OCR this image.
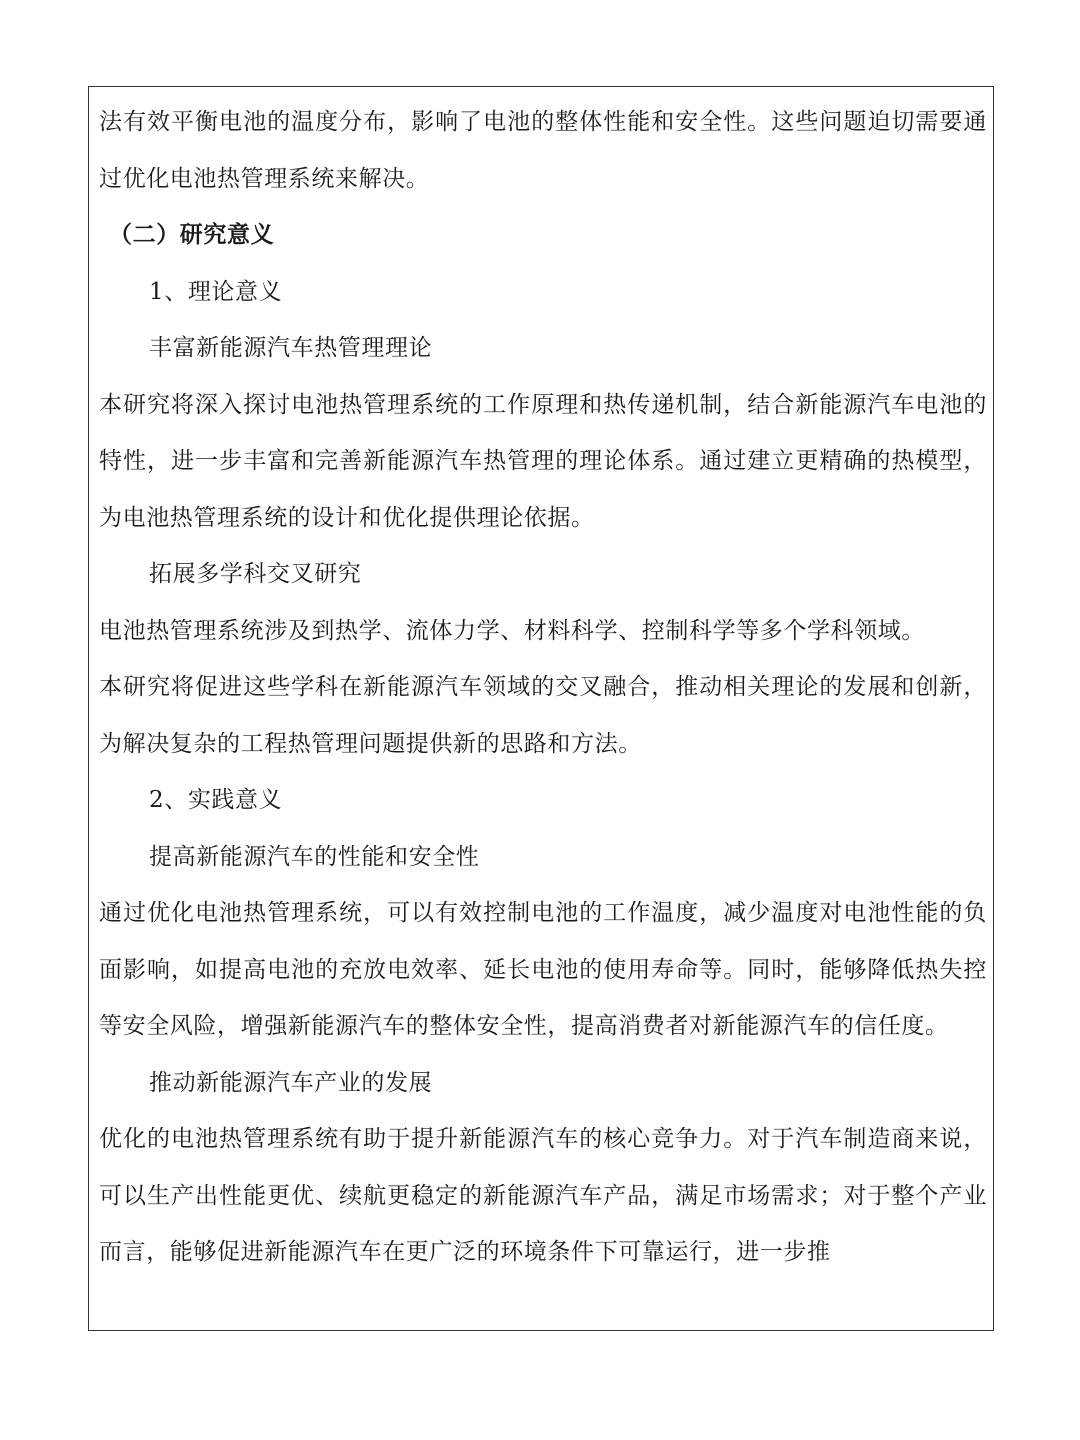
法有效平衡电池的温度分布，影响了电池的整体性能和安全性。这些问题迫切需要通过优化电池热管理系统来解决。

（二）研究意义

1、理论意义

丰富新能源汽车热管理理论

本研究将深入探讨电池热管理系统的工作原理和热传递机制，结合新能源汽车电池的特性，进一步丰富和完善新能源汽车热管理的理论体系。通过建立更精确的热模型，为电池热管理系统的设计和优化提供理论依据。

拓展多学科交叉研究

电池热管理系统涉及到热学、流体力学、材料科学、控制科学等多个学科领域。

本研究将促进这些学科在新能源汽车领域的交叉融合，推动相关理论的发展和创新，为解决复杂的工程热管理问题提供新的思路和方法。

2、实践意义

提高新能源汽车的性能和安全性

通过优化电池热管理系统，可以有效控制电池的工作温度，减少温度对电池性能的负面影响，如提高电池的充放电效率、延长电池的使用寿命等。同时，能够降低热失控等安全风险，增强新能源汽车的整体安全性，提高消费者对新能源汽车的信任度。

推动新能源汽车产业的发展

优化的电池热管理系统有助于提升新能源汽车的核心竞争力。对于汽车制造商来说，可以生产出性能更优、续航更稳定的新能源汽车产品，满足市场需求；对于整个产业而言，能够促进新能源汽车在更广泛的环境条件下可靠运行，进一步推
